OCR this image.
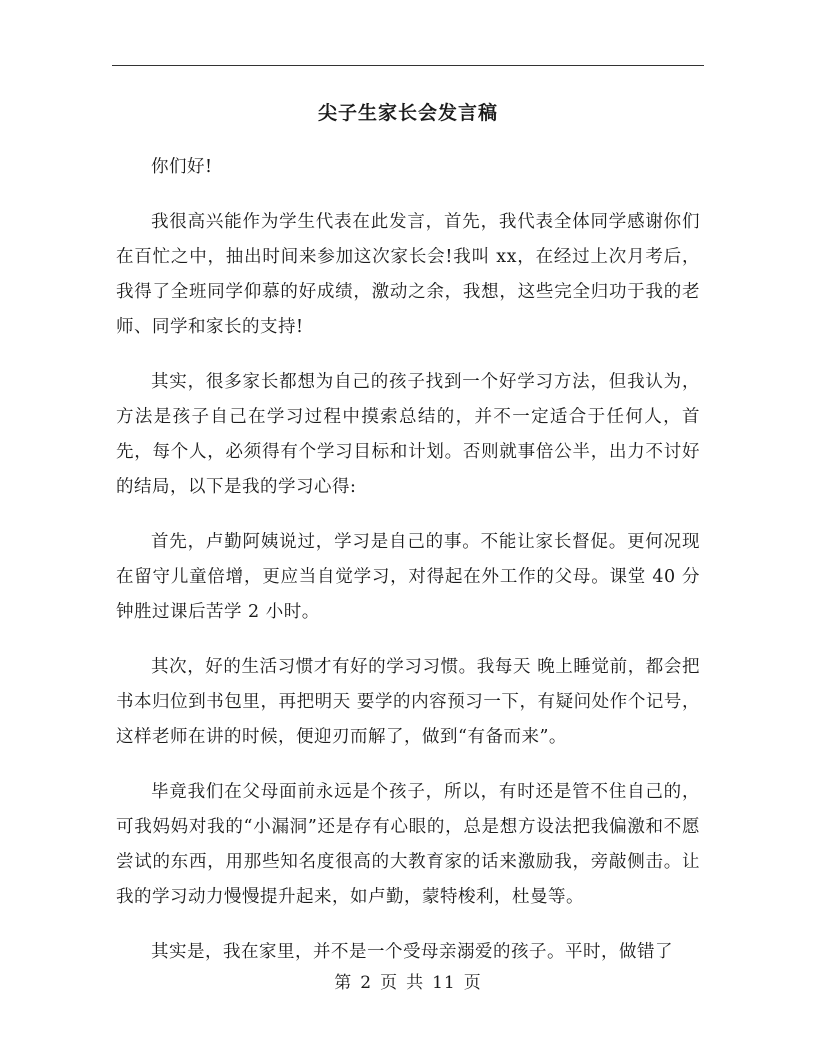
尖子生家长会发言稿

你们好!

我很高兴能作为学生代表在此发言，首先，我代表全体同学感谢你们在百忙之中，抽出时间来参加这次家长会!我叫 xx，在经过上次月考后，我得了全班同学仰慕的好成绩，激动之余，我想，这些完全归功于我的老师、同学和家长的支持!

其实，很多家长都想为自己的孩子找到一个好学习方法，但我认为，方法是孩子自己在学习过程中摸索总结的，并不一定适合于任何人，首先，每个人，必须得有个学习目标和计划。否则就事倍公半，出力不讨好的结局，以下是我的学习心得:

首先，卢勤阿姨说过，学习是自己的事。不能让家长督促。更何况现在留守儿童倍增，更应当自觉学习，对得起在外工作的父母。课堂 40 分钟胜过课后苦学 2 小时。

其次，好的生活习惯才有好的学习习惯。我每天 晚上睡觉前，都会把书本归位到书包里，再把明天 要学的内容预习一下，有疑问处作个记号，这样老师在讲的时候，便迎刃而解了，做到“有备而来”。

毕竟我们在父母面前永远是个孩子，所以，有时还是管不住自己的，可我妈妈对我的“小漏洞”还是存有心眼的，总是想方设法把我偏激和不愿尝试的东西，用那些知名度很高的大教育家的话来激励我，旁敲侧击。让我的学习动力慢慢提升起来，如卢勤，蒙特梭利，杜曼等。

其实是，我在家里，并不是一个受母亲溺爱的孩子。平时，做错了

第 2 页 共 11 页
